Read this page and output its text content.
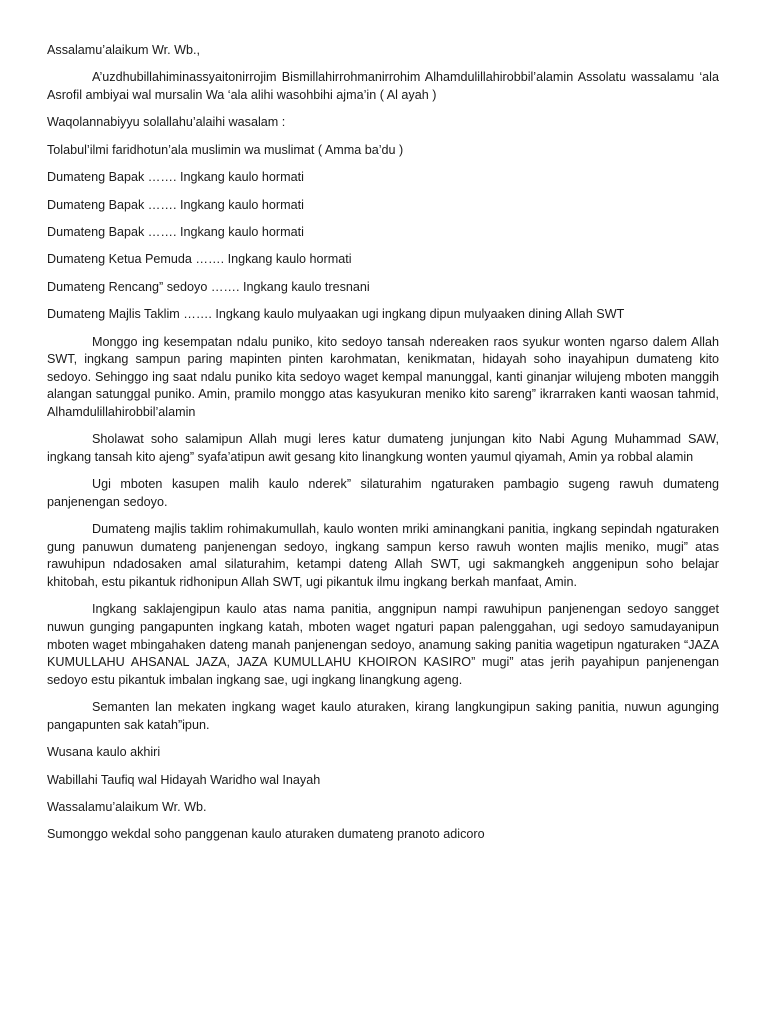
Assalamu’alaikum Wr. Wb.,

A’uzdhubillahiminassyaitonirrojim Bismillahirrohmanirrohim Alhamdulillahirobbil’alamin Assolatu wassalamu ‘ala Asrofil ambiyai wal mursalin Wa ‘ala alihi wasohbihi ajma’in ( Al ayah )

Waqolannabiyyu solallahu’alaihi wasalam :

Tolabul’ilmi faridhotun’ala muslimin wa muslimat ( Amma ba’du )

Dumateng Bapak ……. Ingkang kaulo hormati

Dumateng Bapak ……. Ingkang kaulo hormati

Dumateng Bapak ……. Ingkang kaulo hormati

Dumateng Ketua Pemuda ……. Ingkang kaulo hormati

Dumateng Rencang” sedoyo ……. Ingkang kaulo tresnani

Dumateng Majlis Taklim ……. Ingkang kaulo mulyaakan ugi ingkang dipun mulyaaken dining Allah SWT

Monggo ing kesempatan ndalu puniko, kito sedoyo tansah ndereaken raos syukur wonten ngarso dalem Allah SWT, ingkang sampun paring mapinten pinten karohmatan, kenikmatan, hidayah soho inayahipun dumateng kito sedoyo. Sehinggo ing saat ndalu puniko kita sedoyo waget kempal manunggal, kanti ginanjar wilujeng mboten manggih alangan satunggal puniko. Amin, pramilo monggo atas kasyukuran meniko kito sareng” ikrarraken kanti waosan tahmid, Alhamdulillahirobbil’alamin

Sholawat soho salamipun Allah mugi leres katur dumateng junjungan kito Nabi Agung Muhammad SAW, ingkang tansah kito ajeng” syafa’atipun awit gesang kito linangkung wonten yaumul qiyamah, Amin ya robbal alamin

Ugi mboten kasupen malih kaulo nderek” silaturahim ngaturaken pambagio sugeng rawuh dumateng panjenengan sedoyo.

Dumateng majlis taklim rohimakumullah, kaulo wonten mriki aminangkani panitia, ingkang sepindah ngaturaken gung panuwun dumateng panjenengan sedoyo, ingkang sampun kerso rawuh wonten majlis meniko, mugi” atas rawuhipun ndadosaken amal silaturahim, ketampi dateng Allah SWT, ugi sakmangkeh anggenipun soho belajar khitobah, estu pikantuk ridhonipun Allah SWT, ugi pikantuk ilmu ingkang berkah manfaat, Amin.

Ingkang saklajengipun kaulo atas nama panitia, anggnipun nampi rawuhipun panjenengan sedoyo sangget nuwun gunging pangapunten ingkang katah, mboten waget ngaturi papan palenggahan, ugi sedoyo samudayanipun mboten waget mbingahaken dateng manah panjenengan sedoyo, anamung saking panitia wagetipun ngaturaken “JAZA KUMULLAHU AHSANAL JAZA, JAZA KUMULLAHU KHOIRON KASIRO” mugi” atas jerih payahipun panjenengan sedoyo estu pikantuk imbalan ingkang sae, ugi ingkang linangkung ageng.

Semanten lan mekaten ingkang waget kaulo aturaken, kirang langkungipun saking panitia, nuwun agunging pangapunten sak katah”ipun.

Wusana kaulo akhiri

Wabillahi Taufiq wal Hidayah Waridho wal Inayah

Wassalamu’alaikum Wr. Wb.

Sumonggo wekdal soho panggenan kaulo aturaken dumateng pranoto adicoro
